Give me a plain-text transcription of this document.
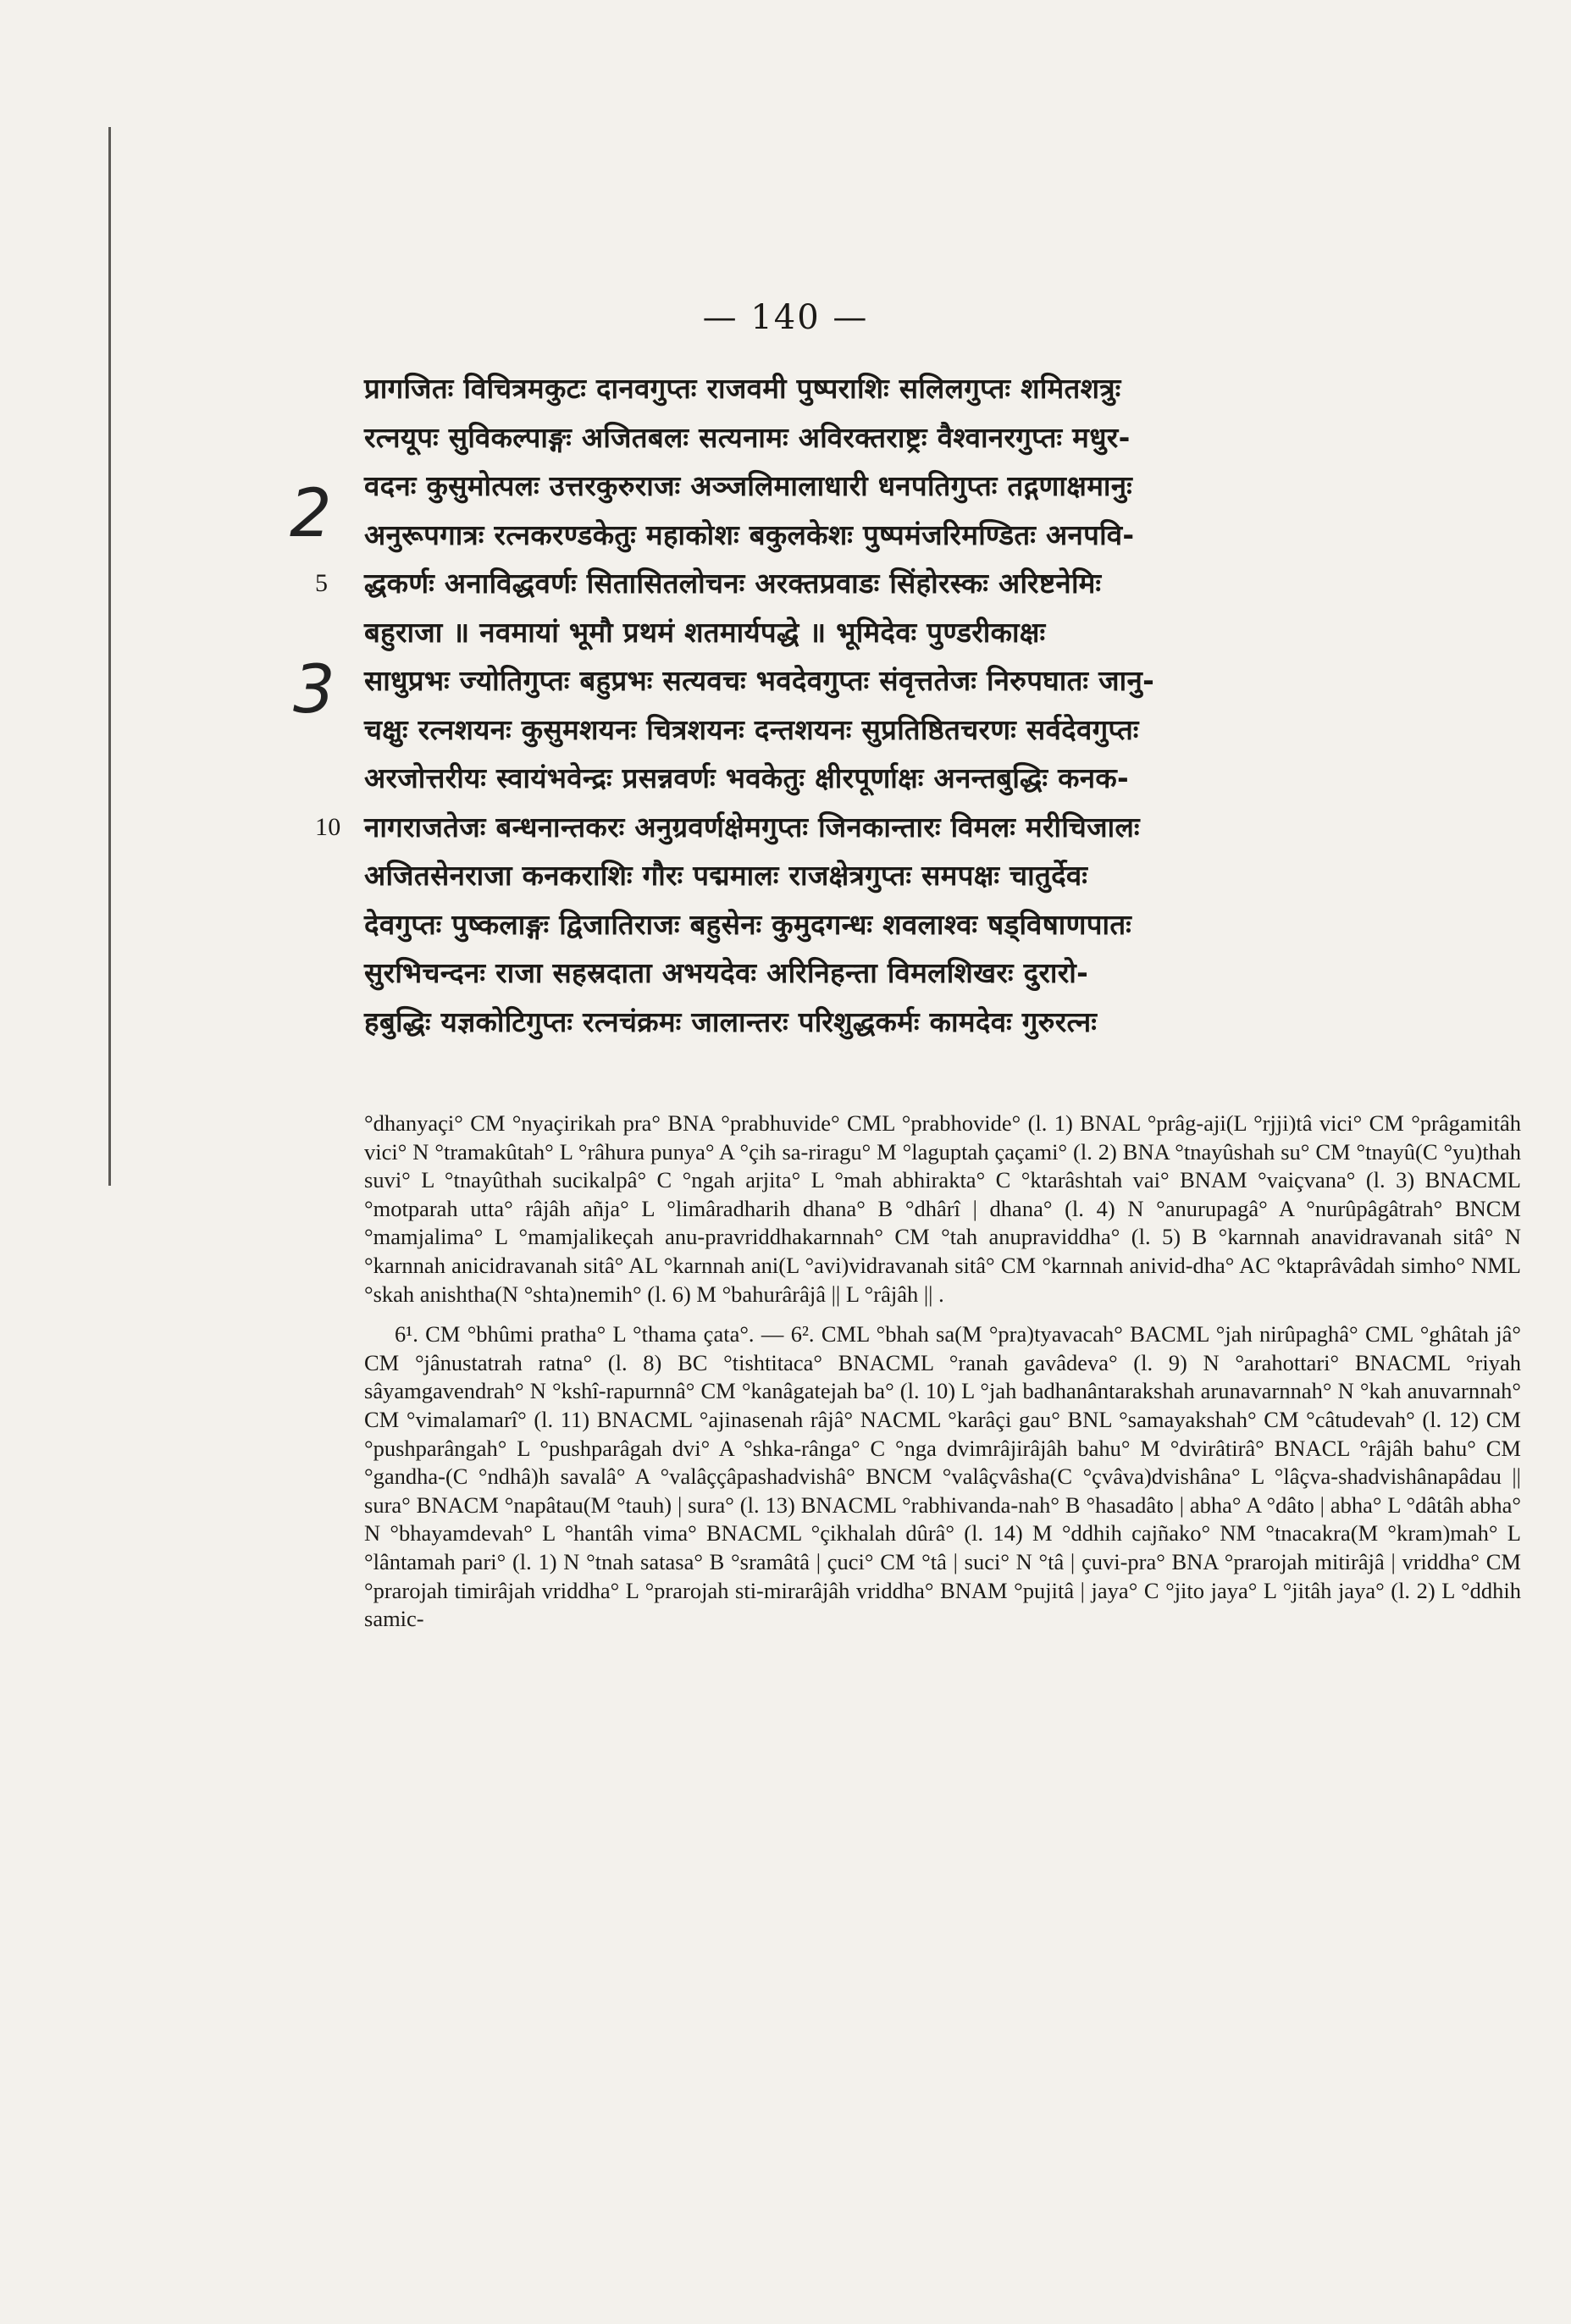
— 140 —
2
3
प्रागजितः विचित्रमकुटः दानवगुप्तः राजवमी पुष्पराशिः सलिलगुप्तः शमितशत्रुः
रत्नयूपः सुविकल्पाङ्गः अजितबलः सत्यनामः अविरक्तराष्ट्रः वैश्वानरगुप्तः मधुर-
वदनः कुसुमोत्पलः उत्तरकुरुराजः अञ्जलिमालाधारी धनपतिगुप्तः तद्गणाक्षमानुः
अनुरूपगात्रः रत्नकरण्डकेतुः महाकोशः बकुलकेशः पुष्पमंजरिमण्डितः अनपवि-
5 द्धकर्णः अनाविद्धवर्णः सितासितलोचनः अरक्तप्रवाडः सिंहोरस्कः अरिष्टनेमिः
बहुराजा ॥ नवमायां भूमौ प्रथमं शतमार्यपद्धे ॥ भूमिदेवः पुण्डरीकाक्षः
साधुप्रभः ज्योतिगुप्तः बहुप्रभः सत्यवचः भवदेवगुप्तः संवृत्ततेजः निरुपघातः जानु-
चक्षुः रत्नशयनः कुसुमशयनः चित्रशयनः दन्तशयनः सुप्रतिष्ठितचरणः सर्वदेवगुप्तः
अरजोत्तरीयः स्वायंभवेन्द्रः प्रसन्नवर्णः भवकेतुः क्षीरपूर्णाक्षः अनन्तबुद्धिः कनक-
10 नागराजतेजः बन्धनान्तकरः अनुग्रवर्णक्षेमगुप्तः जिनकान्तारः विमलः मरीचिजालः
अजितसेनराजा कनकराशिः गौरः पद्ममालः राजक्षेत्रगुप्तः समपक्षः चातुर्देवः
देवगुप्तः पुष्कलाङ्गः द्विजातिराजः बहुसेनः कुमुदगन्धः शवलाश्वः षड्विषाणपातः
सुरभिचन्दनः राजा सहस्रदाता अभयदेवः अरिनिहन्ता विमलशिखरः दुरारो-
हबुद्धिः यज्ञकोटिगुप्तः रत्नचंक्रमः जालान्तरः परिशुद्धकर्मः कामदेवः गुरुरत्नः

°dhanyaçi° CM °nyaçirikah pra° BNA °prabhuvide° CML °prabhovide° (l. 1) BNAL °prâg-aji(L °rjji)tâ vici° CM °prâgamitâh vici° N °tramakûtah° L °râhura punya° A °çih sa-riragu° M °laguptah çaçami° (l. 2) BNA °tnayûshah su° CM °tnayû(C °yu)thah suvi° L °tnayûthah sucikalpâ° C °ngah arjita° L °mah abhirakta° C °ktarâshtah vai° BNAM °vaiçvana° (l. 3) BNACML °motparah utta° râjâh añja° L °limâradharih dhana° B °dhârî | dhana° (l. 4) N °anurupagâ° A °nurûpâgâtrah° BNCM °mamjalima° L °mamjalikeçah anu-pravriddhakarnnah° CM °tah anupraviddha° (l. 5) B °karnnah anavidravanah sitâ° N °karnnah anicidravanah sitâ° AL °karnnah ani(L °avi)vidravanah sitâ° CM °karnnah anivid-dha° AC °ktaprâvâdah simho° NML °skah anishtha(N °shta)nemih° (l. 6) M °bahurârâjâ || L °râjâh || .

6¹. CM °bhûmi pratha° L °thama çata°. — 6². CML °bhah sa(M °pra)tyavacah° BACML °jah nirûpaghâ° CML °ghâtah jâ° CM °jânustatrah ratna° (l. 8) BC °tishtitaca° BNACML °ranah gavâdeva° (l. 9) N °arahottari° BNACML °riyah sâyamgavendrah° N °kshî-rapurnnâ° CM °kanâgatejah ba° (l. 10) L °jah badhanântarakshah arunavarnnah° N °kah anuvarnnah° CM °vimalamarî° (l. 11) BNACML °ajinasenah râjâ° NACML °karâçi gau° BNL °samayakshah° CM °câtudevah° (l. 12) CM °pushparângah° L °pushparâgah dvi° A °shka-rânga° C °nga dvimrâjirâjâh bahu° M °dvirâtirâ° BNACL °râjâh bahu° CM °gandha-(C °ndhâ)h savalâ° A °valâççâpashadvishâ° BNCM °valâçvâsha(C °çvâva)dvishâna° L °lâçva-shadvishânapâdau || sura° BNACM °napâtau(M °tauh) | sura° (l. 13) BNACML °rabhivanda-nah° B °hasadâto | abha° A °dâto | abha° L °dâtâh abha° N °bhayamdevah° L °hantâh vima° BNACML °çikhalah dûrâ° (l. 14) M °ddhih cajñako° NM °tnacakra(M °kram)mah° L °lântamah pari° (l. 1) N °tnah satasa° B °sramâtâ | çuci° CM °tâ | suci° N °tâ | çuvi-pra° BNA °prarojah mitirâjâ | vriddha° CM °prarojah timirâjah vriddha° L °prarojah sti-mirarâjâh vriddha° BNAM °pujitâ | jaya° C °jito jaya° L °jitâh jaya° (l. 2) L °ddhih samic-
